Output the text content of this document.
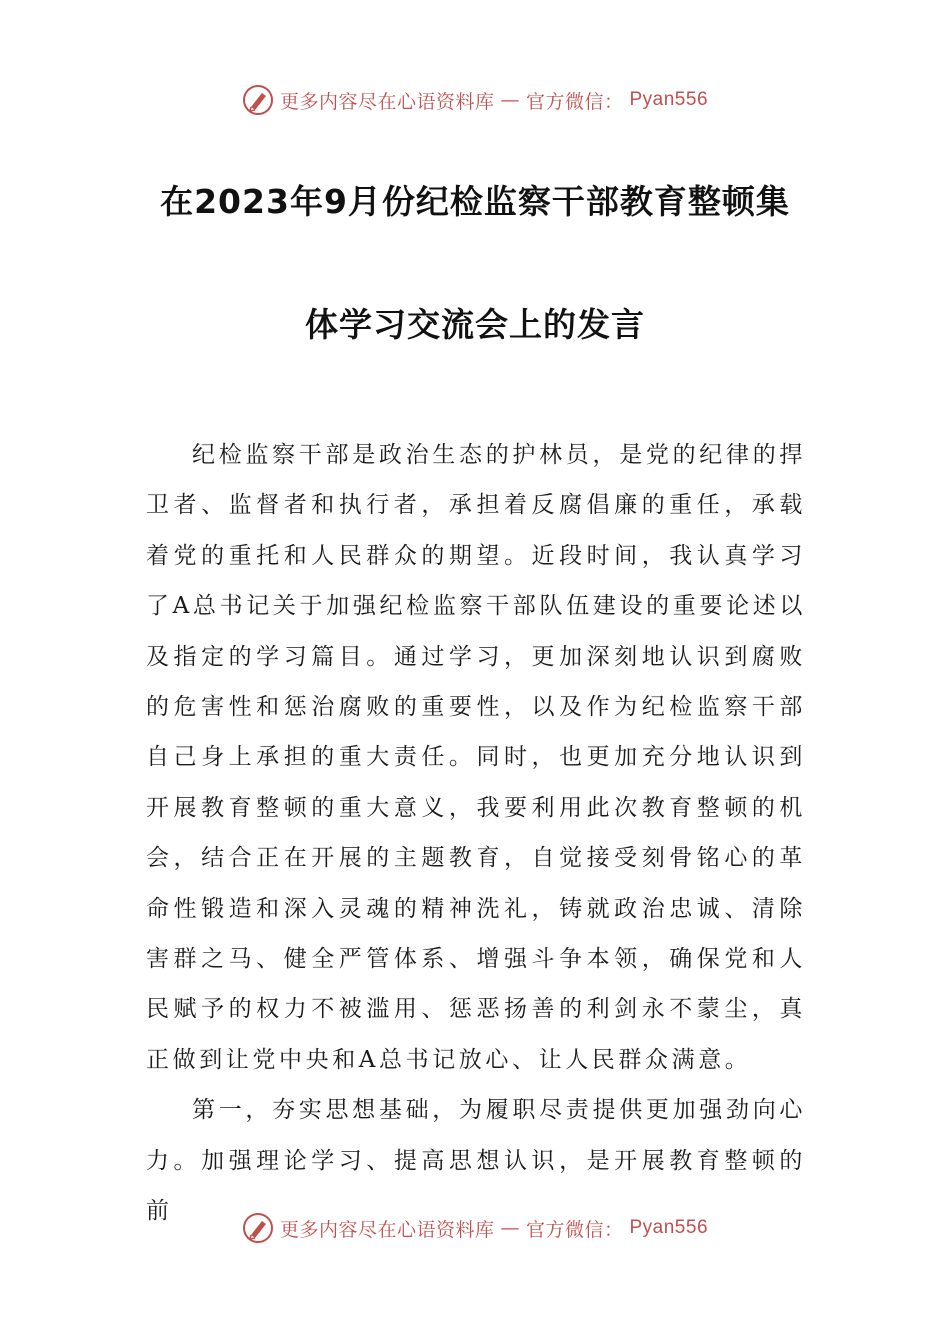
更多内容尽在心语资料库 — 官方微信： Pyan556
在2023年9月份纪检监察干部教育整顿集
体学习交流会上的发言

纪检监察干部是政治生态的护林员，是党的纪律的捍卫者、监督者和执行者，承担着反腐倡廉的重任，承载着党的重托和人民群众的期望。近段时间，我认真学习了A总书记关于加强纪检监察干部队伍建设的重要论述以及指定的学习篇目。通过学习，更加深刻地认识到腐败的危害性和惩治腐败的重要性，以及作为纪检监察干部自己身上承担的重大责任。同时，也更加充分地认识到开展教育整顿的重大意义，我要利用此次教育整顿的机会，结合正在开展的主题教育，自觉接受刻骨铭心的革命性锻造和深入灵魂的精神洗礼，铸就政治忠诚、清除害群之马、健全严管体系、增强斗争本领，确保党和人民赋予的权力不被滥用、惩恶扬善的利剑永不蒙尘，真正做到让党中央和A总书记放心、让人民群众满意。

第一，夯实思想基础，为履职尽责提供更加强劲向心力。加强理论学习、提高思想认识，是开展教育整顿的前

更多内容尽在心语资料库 — 官方微信： Pyan556
